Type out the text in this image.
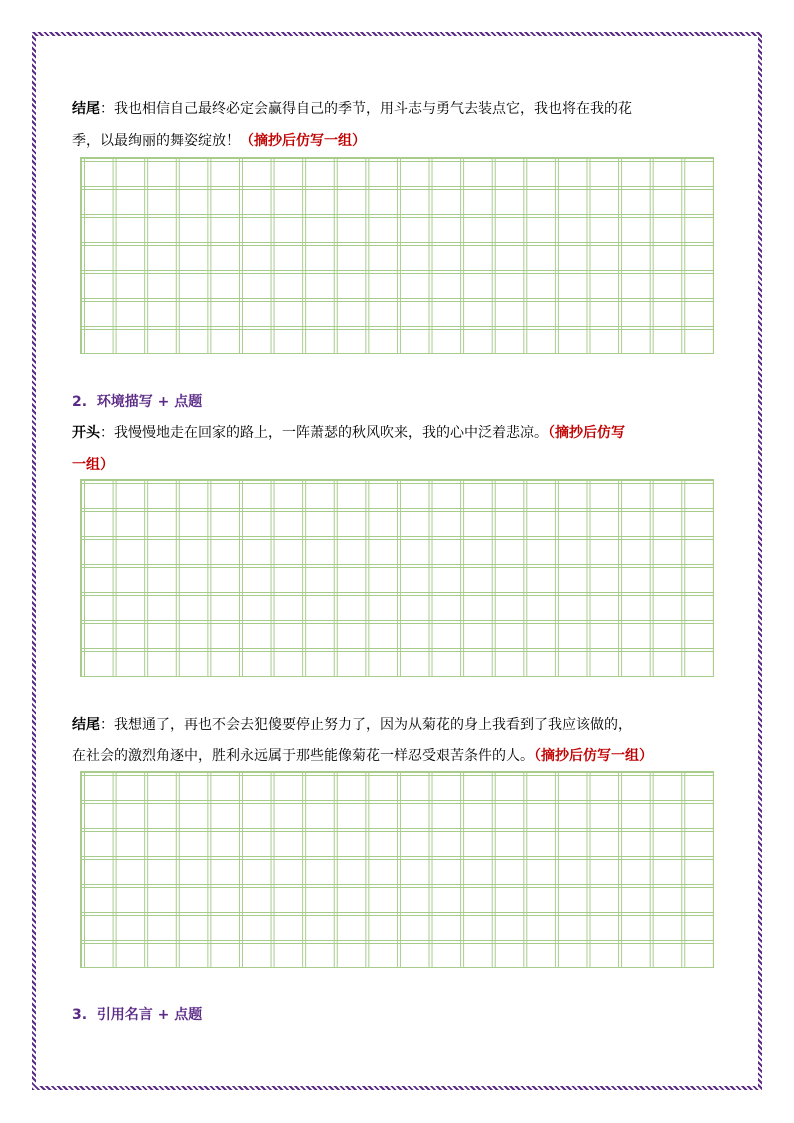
结尾：我也相信自己最终必定会赢得自己的季节，用斗志与勇气去装点它，我也将在我的花
季，以最绚丽的舞姿绽放！（摘抄后仿写一组）
2. 环境描写 + 点题
开头：我慢慢地走在回家的路上，一阵萧瑟的秋风吹来，我的心中泛着悲凉。（摘抄后仿写
一组）
结尾：我想通了，再也不会去犯傻要停止努力了，因为从菊花的身上我看到了我应该做的，
在社会的激烈角逐中，胜利永远属于那些能像菊花一样忍受艰苦条件的人。（摘抄后仿写一组）
3. 引用名言 + 点题
